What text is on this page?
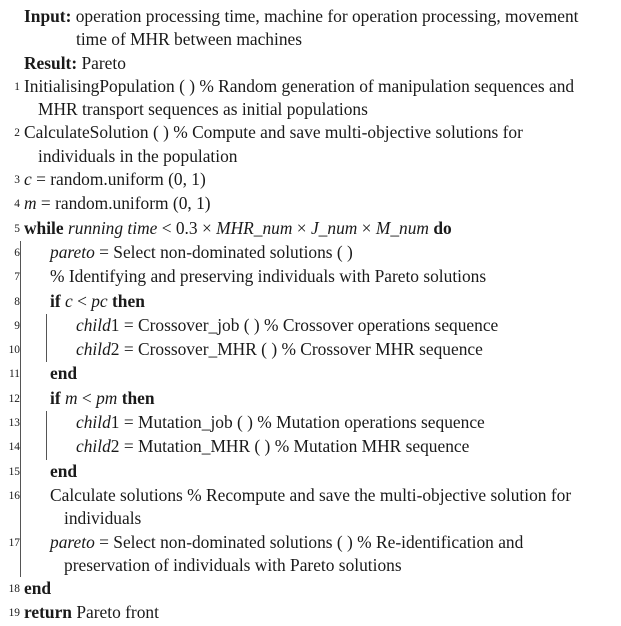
Input: operation processing time, machine for operation processing, movement
time of MHR between machines
Result: Pareto
1 InitialisingPopulation ( ) % Random generation of manipulation sequences and
MHR transport sequences as initial populations
2 CalculateSolution ( ) % Compute and save multi-objective solutions for
individuals in the population
3 c = random.uniform (0, 1)
4 m = random.uniform (0, 1)
5 while running time < 0.3 × MHR_num × J_num × M_num do
6 pareto = Select non-dominated solutions ( )
7 % Identifying and preserving individuals with Pareto solutions
8 if c < pc then
9	child1 = Crossover_job ( ) % Crossover operations sequence
10	child2 = Crossover_MHR ( ) % Crossover MHR sequence
11 end
12 if m < pm then
13	child1 = Mutation_job ( ) % Mutation operations sequence
14	child2 = Mutation_MHR ( ) % Mutation MHR sequence
15 end
16 Calculate solutions % Recompute and save the multi-objective solution for
individuals
17 pareto = Select non-dominated solutions ( ) % Re-identification and
preservation of individuals with Pareto solutions
18 end
19 return Pareto front
